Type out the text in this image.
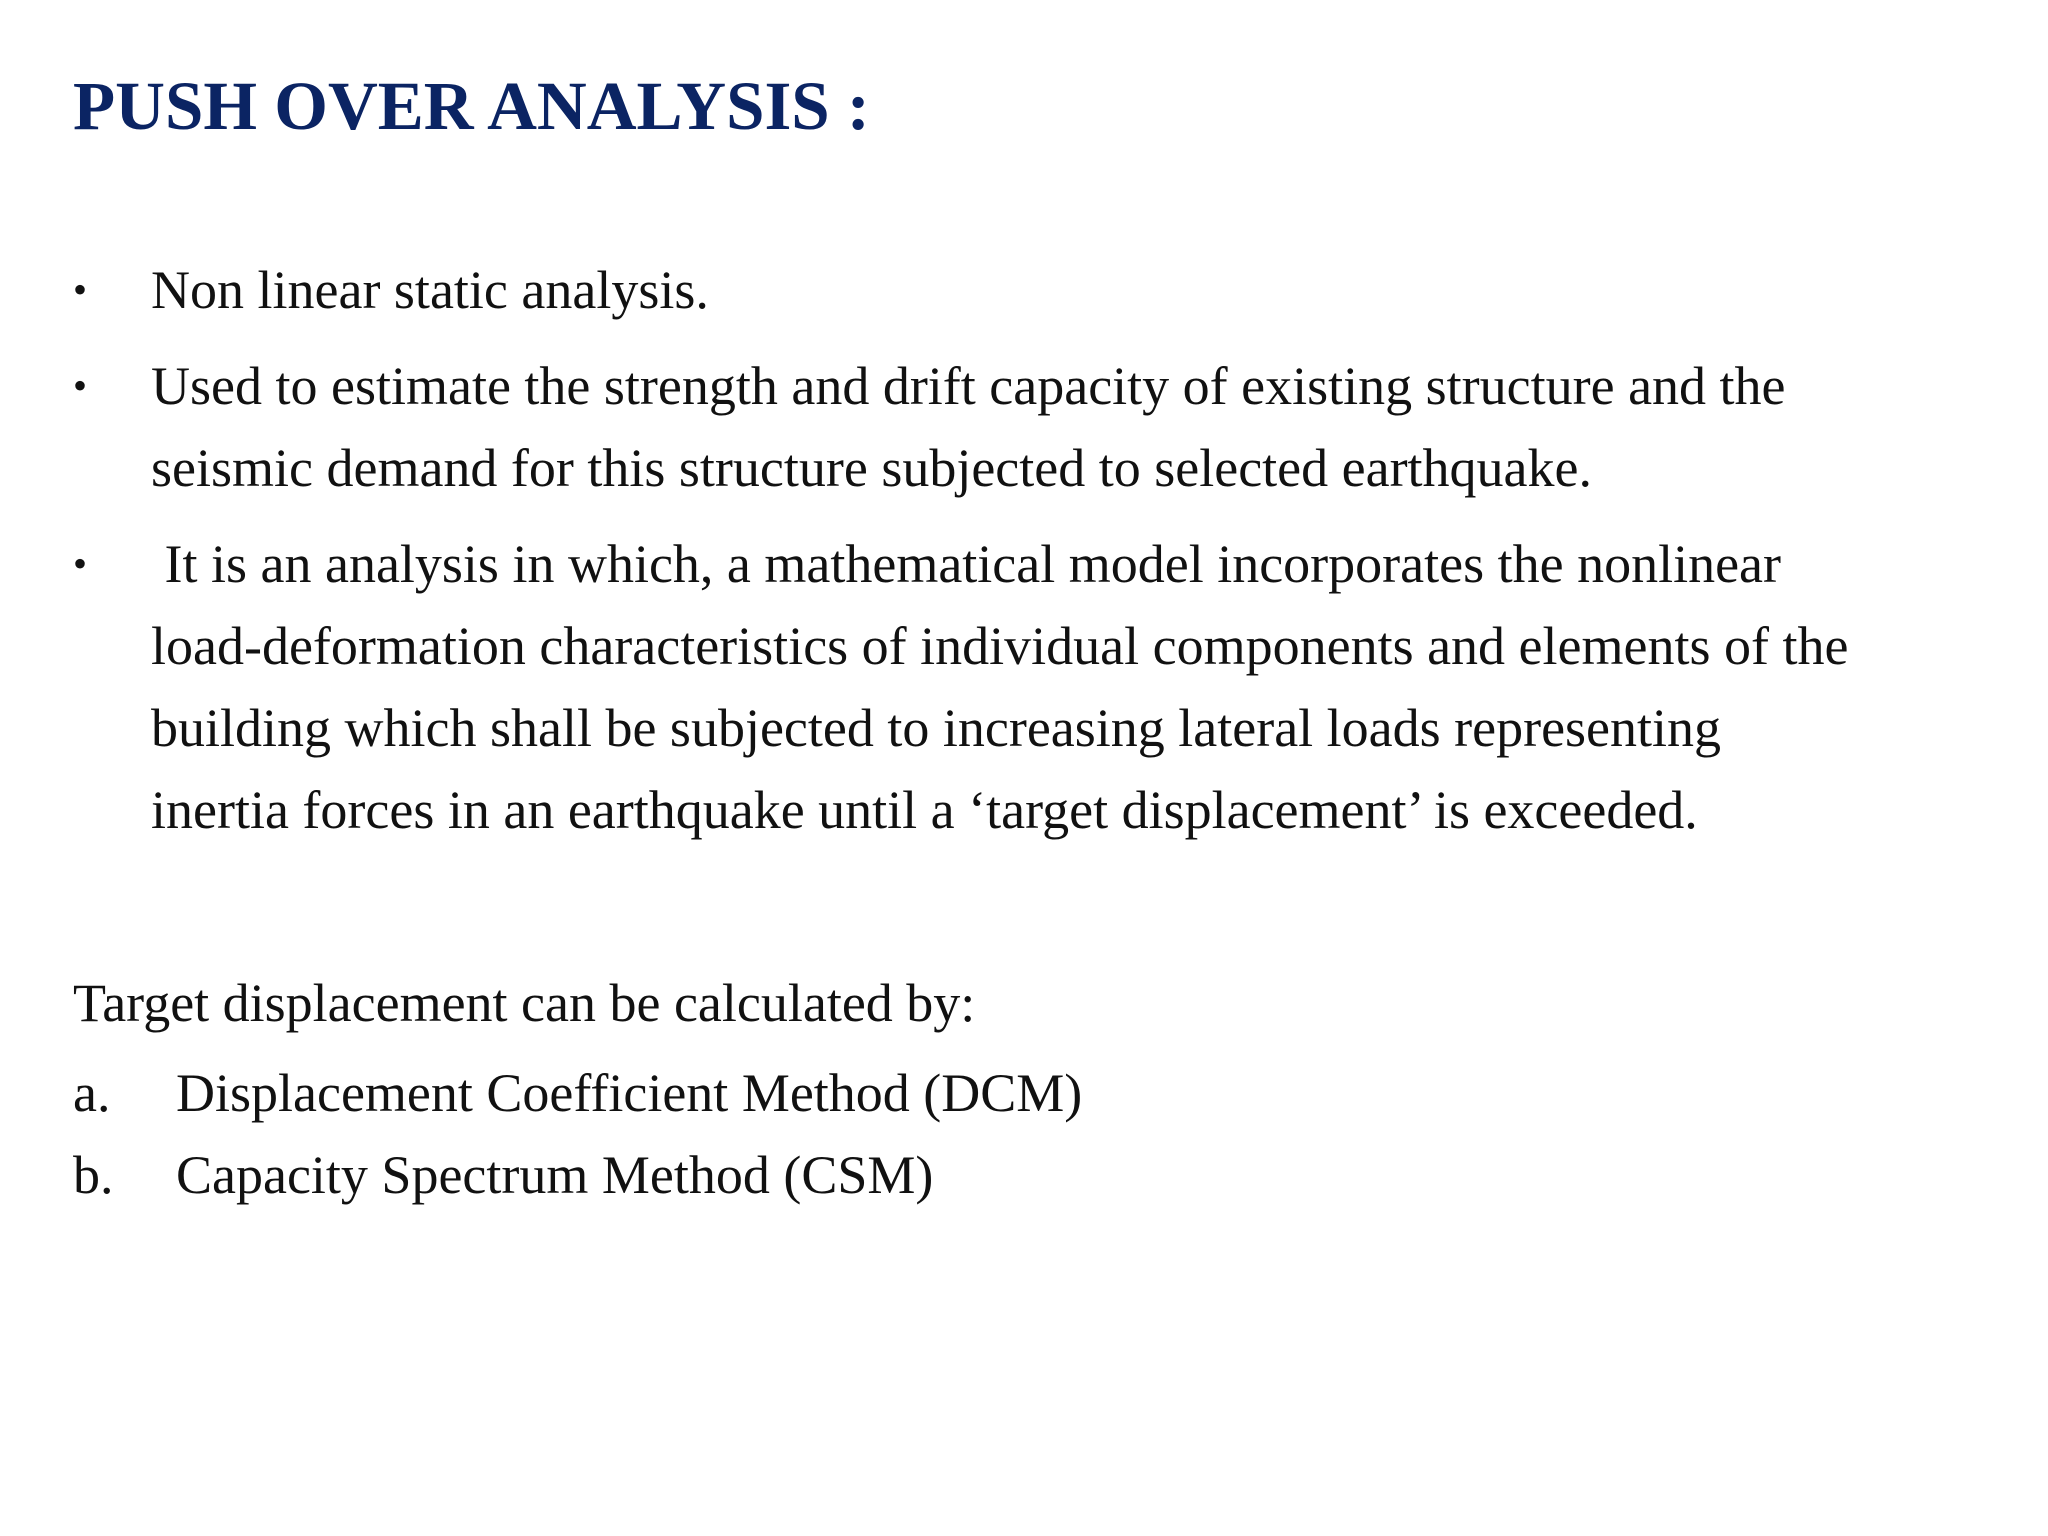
PUSH OVER ANALYSIS :
• Non linear static analysis.
• Used to estimate the strength and drift capacity of existing structure and the
seismic demand for this structure subjected to selected earthquake.
• It is an analysis in which, a mathematical model incorporates the nonlinear
load-deformation characteristics of individual components and elements of the
building which shall be subjected to increasing lateral loads representing
inertia forces in an earthquake until a ‘target displacement’ is exceeded.

Target displacement can be calculated by:

a. Displacement Coefficient Method (DCM)
b. Capacity Spectrum Method (CSM)
